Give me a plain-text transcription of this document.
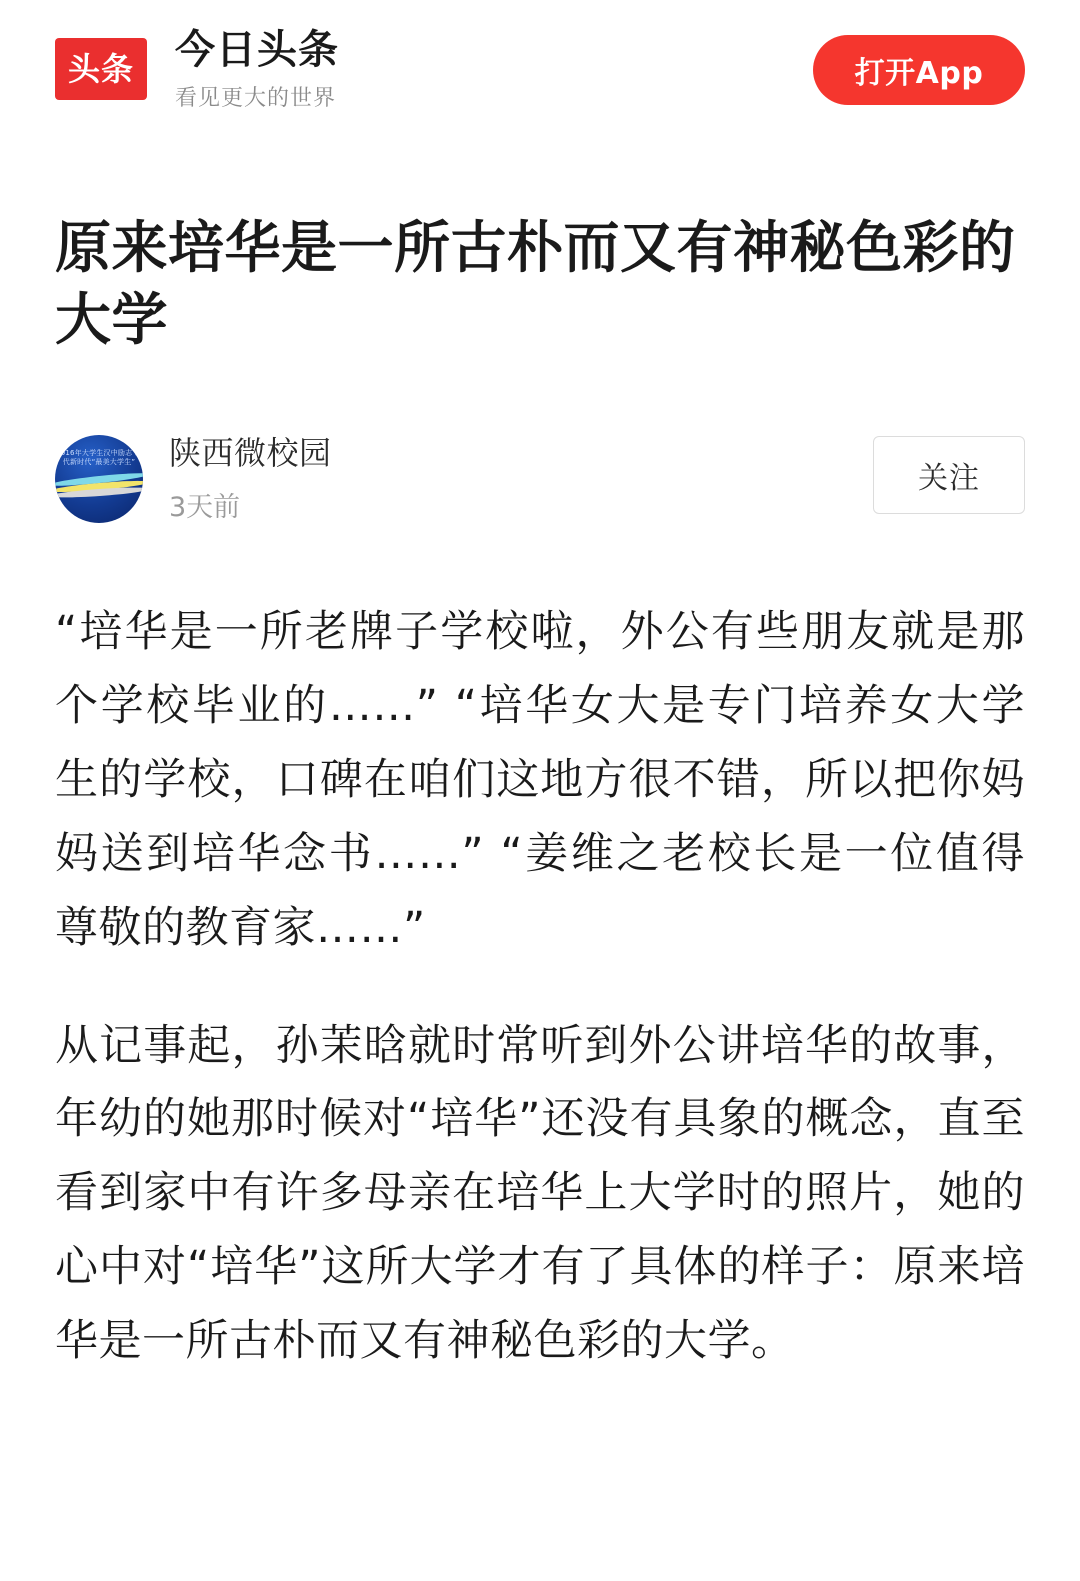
头条	今日头条
看见更大的世界
打开App
原来培华是一所古朴而又有神秘色彩的大学
2016年大学生汉中励志 现代新时代“最美大学生” 陕西微校园
3天前
关注

“培华是一所老牌子学校啦，外公有些朋友就是那个学校毕业的……” “培华女大是专门培养女大学生的学校，口碑在咱们这地方很不错，所以把你妈妈送到培华念书……” “姜维之老校长是一位值得尊敬的教育家……”

从记事起，孙茉晗就时常听到外公讲培华的故事，年幼的她那时候对“培华”还没有具象的概念，直至看到家中有许多母亲在培华上大学时的照片，她的心中对“培华”这所大学才有了具体的样子：原来培华是一所古朴而又有神秘色彩的大学。
